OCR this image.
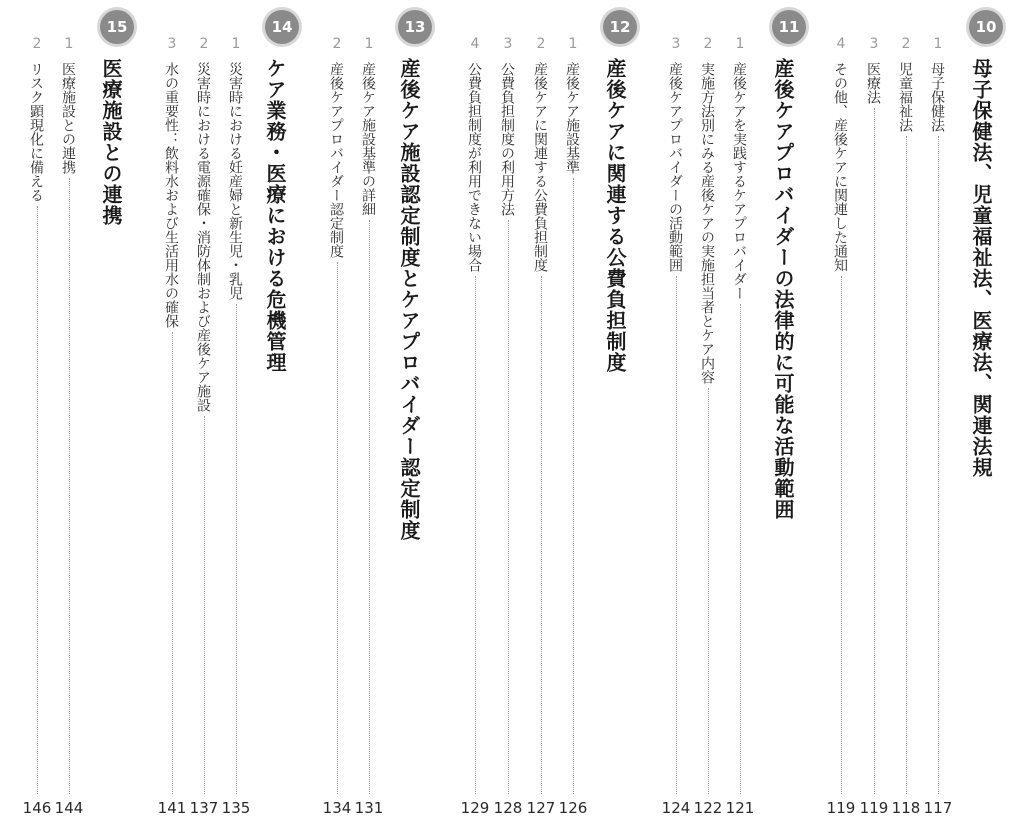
10
母子保健法、児童福祉法、医療法、関連法規
1
母子保健法
117
2
児童福祉法
118
3
医療法
119
4
その他、産後ケアに関連した通知
119
11
産後ケアプロバイダーの法律的に可能な活動範囲
1
産後ケアを実践するケアプロバイダー
121
2
実施方法別にみる産後ケアの実施担当者とケア内容
122
3
産後ケアプロバイダーの活動範囲
124
12
産後ケアに関連する公費負担制度
1
産後ケア施設基準
126
2
産後ケアに関連する公費負担制度
127
3
公費負担制度の利用方法
128
4
公費負担制度が利用できない場合
129
13
産後ケア施設認定制度とケアプロバイダー認定制度
1
産後ケア施設基準の詳細
131
2
産後ケアプロバイダー認定制度
134
14
ケア業務・医療における危機管理
1
災害時における妊産婦と新生児・乳児
135
2
災害時における電源確保・消防体制および産後ケア施設
137
3
水の重要性：飲料水および生活用水の確保
141
15
医療施設との連携
1
医療施設との連携
144
2
リスク顕現化に備える
146
